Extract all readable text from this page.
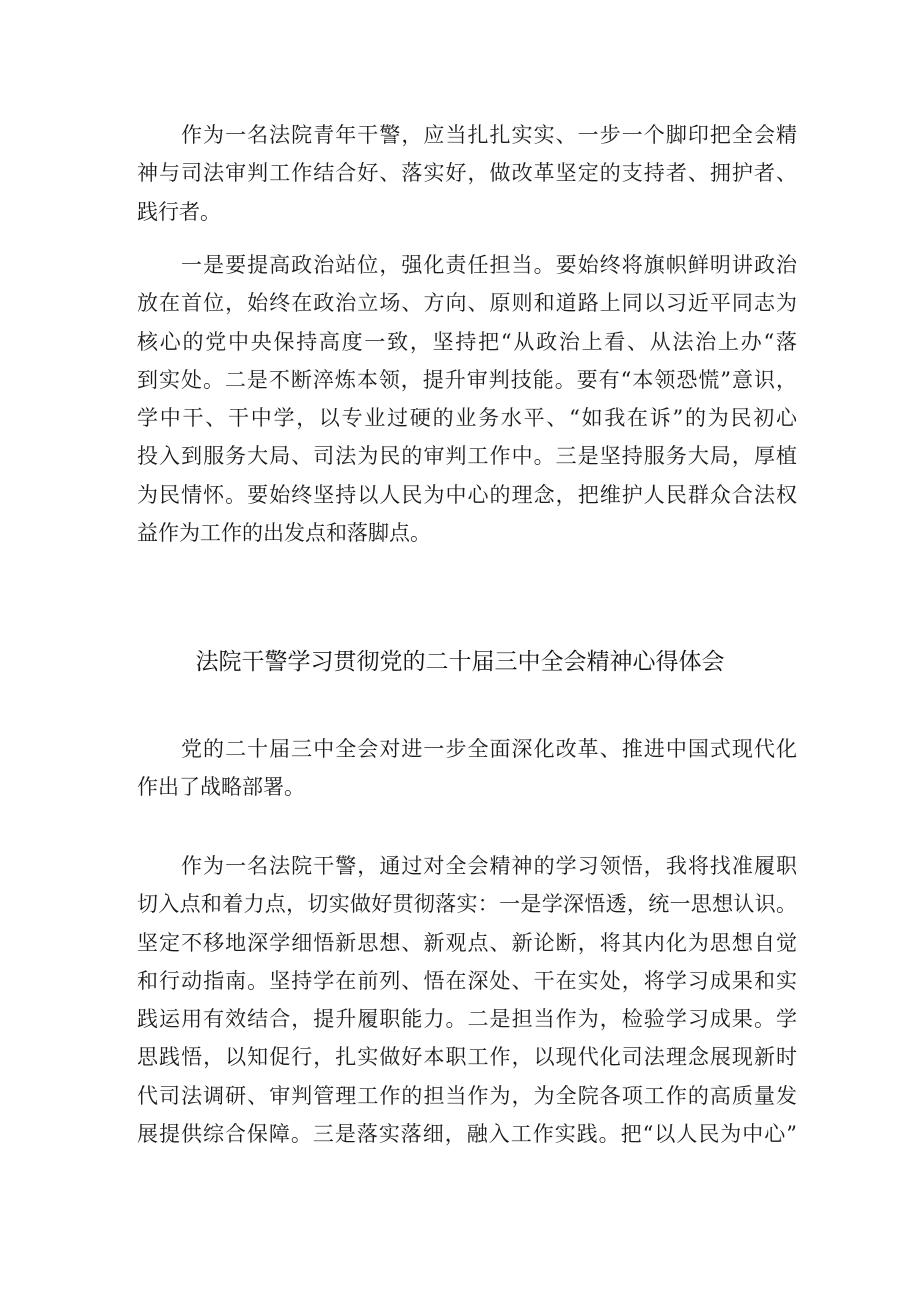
作为一名法院青年干警，应当扎扎实实、一步一个脚印把全会精
神与司法审判工作结合好、落实好，做改革坚定的支持者、拥护者、
践行者。
一是要提高政治站位，强化责任担当。要始终将旗帜鲜明讲政治
放在首位，始终在政治立场、方向、原则和道路上同以习近平同志为
核心的党中央保持高度一致，坚持把“从政治上看、从法治上办“落
到实处。二是不断淬炼本领，提升审判技能。要有“本领恐慌”意识，
学中干、干中学，以专业过硬的业务水平、“如我在诉”的为民初心
投入到服务大局、司法为民的审判工作中。三是坚持服务大局，厚植
为民情怀。要始终坚持以人民为中心的理念，把维护人民群众合法权
益作为工作的出发点和落脚点。
法院干警学习贯彻党的二十届三中全会精神心得体会
党的二十届三中全会对进一步全面深化改革、推进中国式现代化
作出了战略部署。
作为一名法院干警，通过对全会精神的学习领悟，我将找准履职
切入点和着力点，切实做好贯彻落实：一是学深悟透，统一思想认识。
坚定不移地深学细悟新思想、新观点、新论断，将其内化为思想自觉
和行动指南。坚持学在前列、悟在深处、干在实处，将学习成果和实
践运用有效结合，提升履职能力。二是担当作为，检验学习成果。学
思践悟，以知促行，扎实做好本职工作，以现代化司法理念展现新时
代司法调研、审判管理工作的担当作为，为全院各项工作的高质量发
展提供综合保障。三是落实落细，融入工作实践。把“以人民为中心”
